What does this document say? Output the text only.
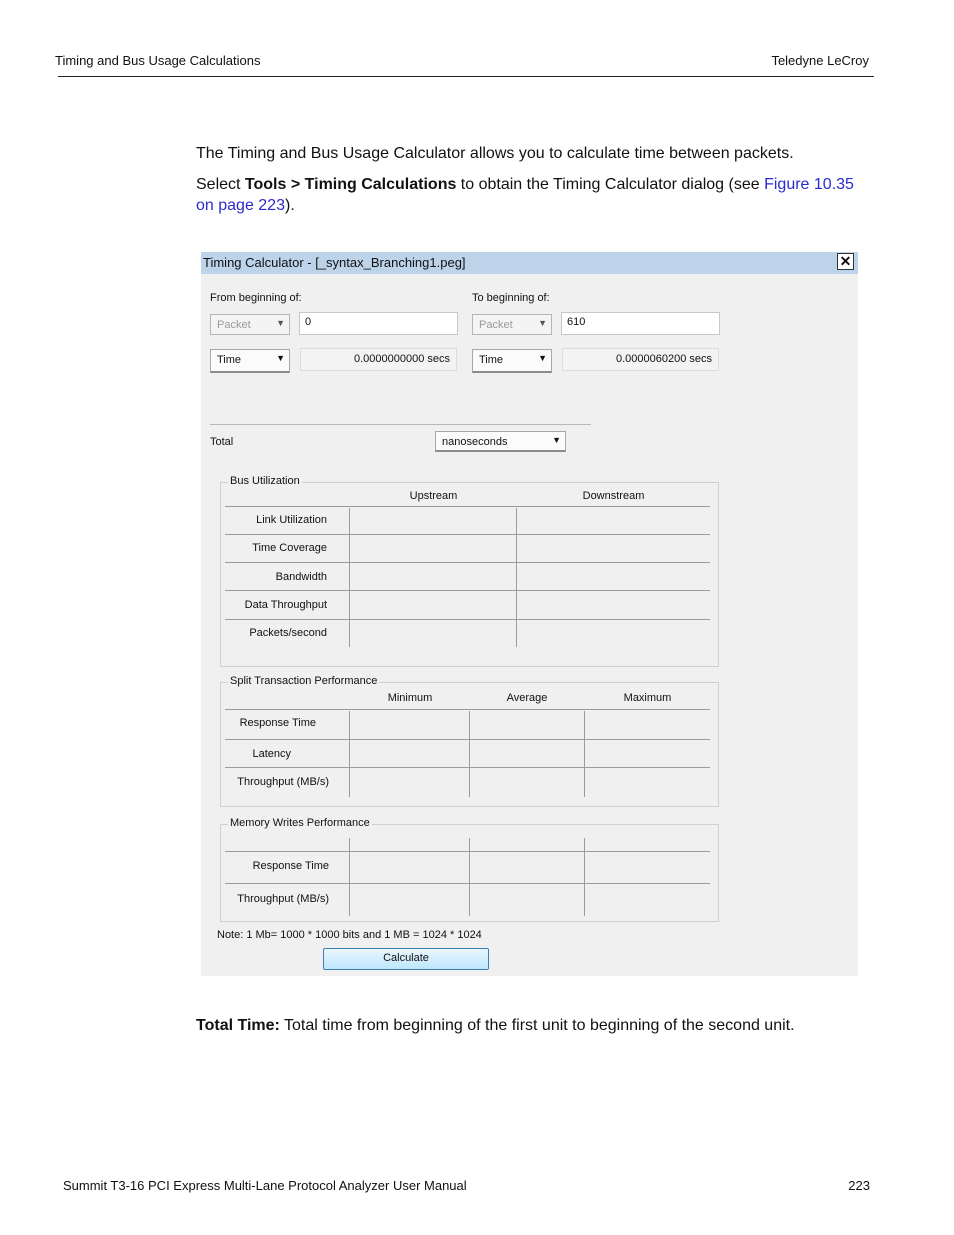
Timing and Bus Usage Calculations	Teledyne LeCroy
The Timing and Bus Usage Calculator allows you to calculate time between packets.
Select Tools > Timing Calculations to obtain the Timing Calculator dialog (see Figure 10.35 on page 223).
Timing Calculator - [_syntax_Branching1.peg]	✕
From beginning of:
Packet	▼	0
Time	▼	0.0000000000 secs
To beginning of:
Packet	▼	610
Time	▼	0.0000060200 secs
Total	nanoseconds	▼
Bus Utilization
Upstream	Downstream
Link Utilization
Time Coverage
Bandwidth
Data Throughput
Packets/second
Split Transaction Performance
Minimum	Average	Maximum
Response Time
Latency
Throughput (MB/s)
Memory Writes Performance
Response Time
Throughput (MB/s)
Note: 1 Mb= 1000 * 1000 bits and 1 MB = 1024 * 1024
Calculate
Total Time: Total time from beginning of the first unit to beginning of the second unit.
Summit T3-16 PCI Express Multi-Lane Protocol Analyzer User Manual	223
